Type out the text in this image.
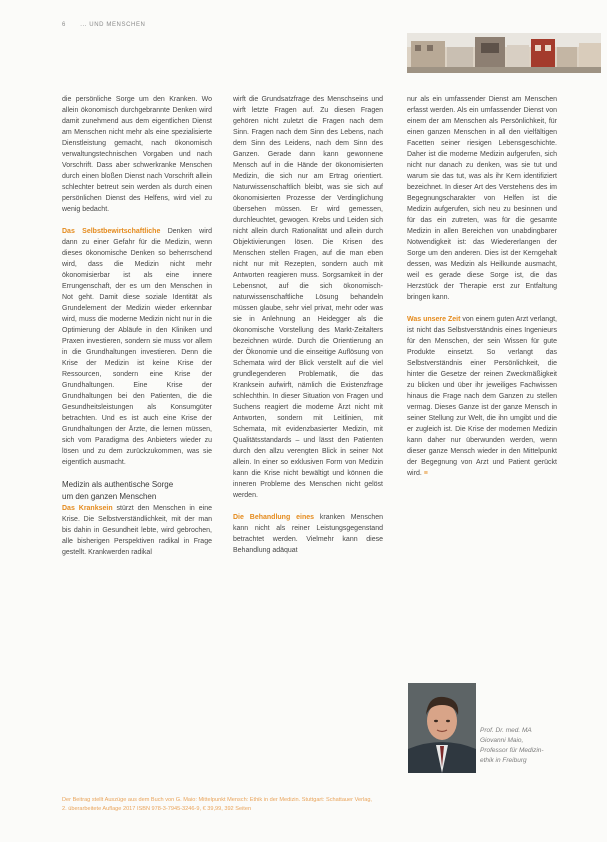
6 ... UND MENSCHEN

die persönliche Sorge um den Kranken. Wo allein ökonomisch durchgebrannte Denken wird damit zunehmend aus dem eigentlichen Dienst am Menschen nicht mehr als eine spezialisierte Dienstleistung gemacht, nach ökonomisch verwaltungstechnischen Vorgaben und nach Vorschrift. Dass aber schwerkranke Menschen durch einen bloßen Dienst nach Vorschrift allein schlechter betreut sein werden als durch einen persönlichen Dienst des Helfens, wird viel zu wenig bedacht.

Das Selbstbewirtschaftliche Denken wird dann zu einer Gefahr für die Medizin, wenn dieses ökonomische Denken so beherrschend wird, dass die Medizin nicht mehr ökonomisierbar ist als eine innere Errungenschaft, der es um den Menschen in Not geht. Damit diese soziale Identität als Grundelement der Medizin wieder erkennbar wird, muss die moderne Medizin nicht nur in die Optimierung der Abläufe in den Kliniken und Praxen investieren, sondern sie muss vor allem in die Grundhaltungen investieren. Denn die Krise der Medizin ist keine Krise der Ressourcen, sondern eine Krise der Grundhaltungen. Eine Krise der Grundhaltungen bei den Patienten, die die Gesundheitsleistungen als Konsumgüter betrachten. Und es ist auch eine Krise der Grundhaltungen der Ärzte, die lernen müssen, sich vom Paradigma des Anbieters wieder zu lösen und zu dem zurückzukommen, was sie eigentlich ausmacht.

Medizin als authentische Sorge
um den ganzen Menschen

Das Kranksein stürzt den Menschen in eine Krise. Die Selbstverständlichkeit, mit der man bis dahin in Gesundheit lebte, wird gebrochen, alle bisherigen Perspektiven radikal in Frage gestellt. Krankwerden radikal

wirft die Grundsatzfrage des Menschseins und wirft letzte Fragen auf. Zu diesen Fragen gehören nicht zuletzt die Fragen nach dem Sinn. Fragen nach dem Sinn des Lebens, nach dem Sinn des Leidens, nach dem Sinn des Ganzen. Gerade dann kann gewonnene Mensch auf in die Hände der ökonomisierten Medizin, die sich nur am Ertrag orientiert. Naturwissenschaftlich bleibt, was sie sich auf ökonomisierten Prozesse der Verdinglichung übersehen müssen. Er wird gemessen, durchleuchtet, gewogen. Krebs und Leiden sich nicht allein durch Rationalität und allein durch Objektivierungen lösen. Die Krisen des Menschen stellen Fragen, auf die man eben nicht nur mit Rezepten, sondern auch mit Antworten reagieren muss. Sorgsamkeit in der Lebensnot, auf die sich ökonomisch-naturwissenschaftliche Lösung behandeln müssen glaube, sehr viel privat, mehr oder was sie in Anlehnung an Heidegger als die ökonomische Vorstellung des Markt-Zeitalters bezeichnen würde. Durch die Orientierung an der Ökonomie und die einseitige Auflösung von Schemata wird der Blick verstellt auf die viel grundlegenderen Problematik, die das Kranksein aufwirft, nämlich die Existenzfrage schlechthin. In dieser Situation von Fragen und Suchens reagiert die moderne Ärzt nicht mit Antworten, sondern mit Leitlinien, mit Schemata, mit evidenzbasierter Medizin, mit Qualitätsstandards – und lässt den Patienten durch den allzu verengten Blick in seiner Not allein. In einer so exklusiven Form von Medizin kann die Krise nicht bewältigt und können die inneren Probleme des Menschen nicht gelöst werden.

Die Behandlung eines kranken Menschen kann nicht als reiner Leistungsgegenstand betrachtet werden. Vielmehr kann diese Behandlung adäquat

nur als ein umfassender Dienst am Menschen erfasst werden. Als ein umfassender Dienst von einem der am Menschen als Persönlichkeit, für einen ganzen Menschen in all den vielfältigen Facetten seiner riesigen Lebensgeschichte. Daher ist die moderne Medizin aufgerufen, sich nicht nur danach zu denken, was sie tut und warum sie das tut, was als ihr Kern identifiziert bezeichnet. In dieser Art des Verstehens des im Begegnungscharakter von Helfen ist die Medizin aufgerufen, sich neu zu besinnen und für das ein zutreten, was für die gesamte Medizin in allen Bereichen von unabdingbarer Notwendigkeit ist: das Wiedererlangen der Sorge um den anderen. Dies ist der Kerngehalt dessen, was Medizin als Heilkunde ausmacht, weil es gerade diese Sorge ist, die das Herzstück der Therapie erst zur Entfaltung bringen kann.

Was unsere Zeit von einem guten Arzt verlangt, ist nicht das Selbstverständnis eines Ingenieurs für den Menschen, der sein Wissen für gute Produkte einsetzt. So verlangt das Selbstverständnis einer Persönlichkeit, die hinter die Gesetze der reinen Zweckmäßigkeit zu blicken und über ihr jeweiliges Fachwissen hinaus die Frage nach dem Ganzen zu stellen vermag. Dieses Ganze ist der ganze Mensch in seiner Stellung zur Welt, die ihn umgibt und die er zugleich ist. Die Krise der modernen Medizin kann daher nur überwunden werden, wenn dieser ganze Mensch wieder in den Mittelpunkt der Begegnung von Arzt und Patient gerückt wird. ≡

Prof. Dr. med. MA
Giovanni Maio,
Professor für Medizin-
ethik in Freiburg
Der Beitrag stellt Auszüge aus dem Buch von G. Maio: Mittelpunkt Mensch: Ethik in der Medizin. Stuttgart: Schattauer Verlag,
2. überarbeitete Auflage 2017 ISBN 978-3-7945-3246-9, € 39,99, 392 Seiten
